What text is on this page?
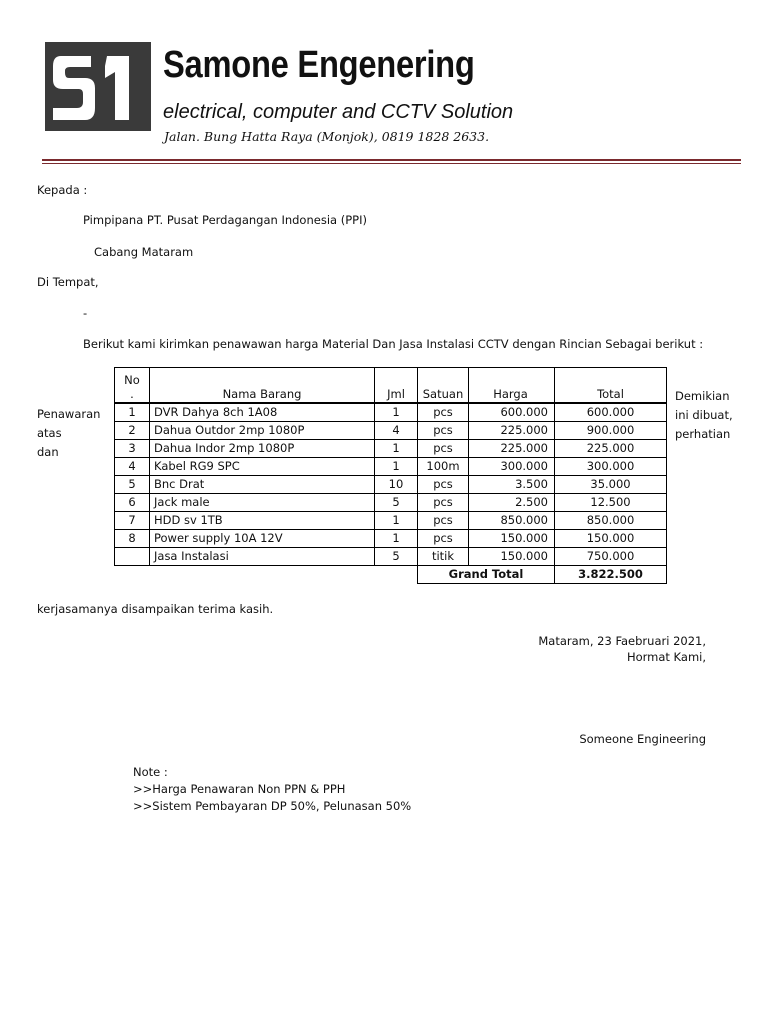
Samone Engenering
electrical, computer and CCTV Solution
Jalan. Bung Hatta Raya (Monjok), 0819 1828 2633.
Kepada :
Pimpipana PT. Pusat Perdagangan Indonesia (PPI)
Cabang Mataram
Di Tempat,
-
Berikut kami kirimkan penawawan harga Material Dan Jasa Instalasi CCTV dengan Rincian Sebagai berikut :
Penawaran
atas
dan
Demikian
ini dibuat,
perhatian
No
.	Nama Barang	Jml	Satuan	Harga	Total
1	DVR Dahya 8ch 1A08	1	pcs	600.000	600.000
2	Dahua Outdor 2mp 1080P	4	pcs	225.000	900.000
3	Dahua Indor 2mp 1080P	1	pcs	225.000	225.000
4	Kabel RG9 SPC	1	100m	300.000	300.000
5	Bnc Drat	10	pcs	3.500	35.000
6	Jack male	5	pcs	2.500	12.500
7	HDD sv 1TB	1	pcs	850.000	850.000
8	Power supply 10A 12V	1	pcs	150.000	150.000
	Jasa Instalasi	5	titik	150.000	750.000
			Grand Total		3.822.500
kerjasamanya disampaikan terima kasih.
Mataram, 23 Faebruari 2021,
Hormat Kami,
Someone Engineering
Note :
>>Harga Penawaran Non PPN & PPH
>>Sistem Pembayaran DP 50%, Pelunasan 50%
